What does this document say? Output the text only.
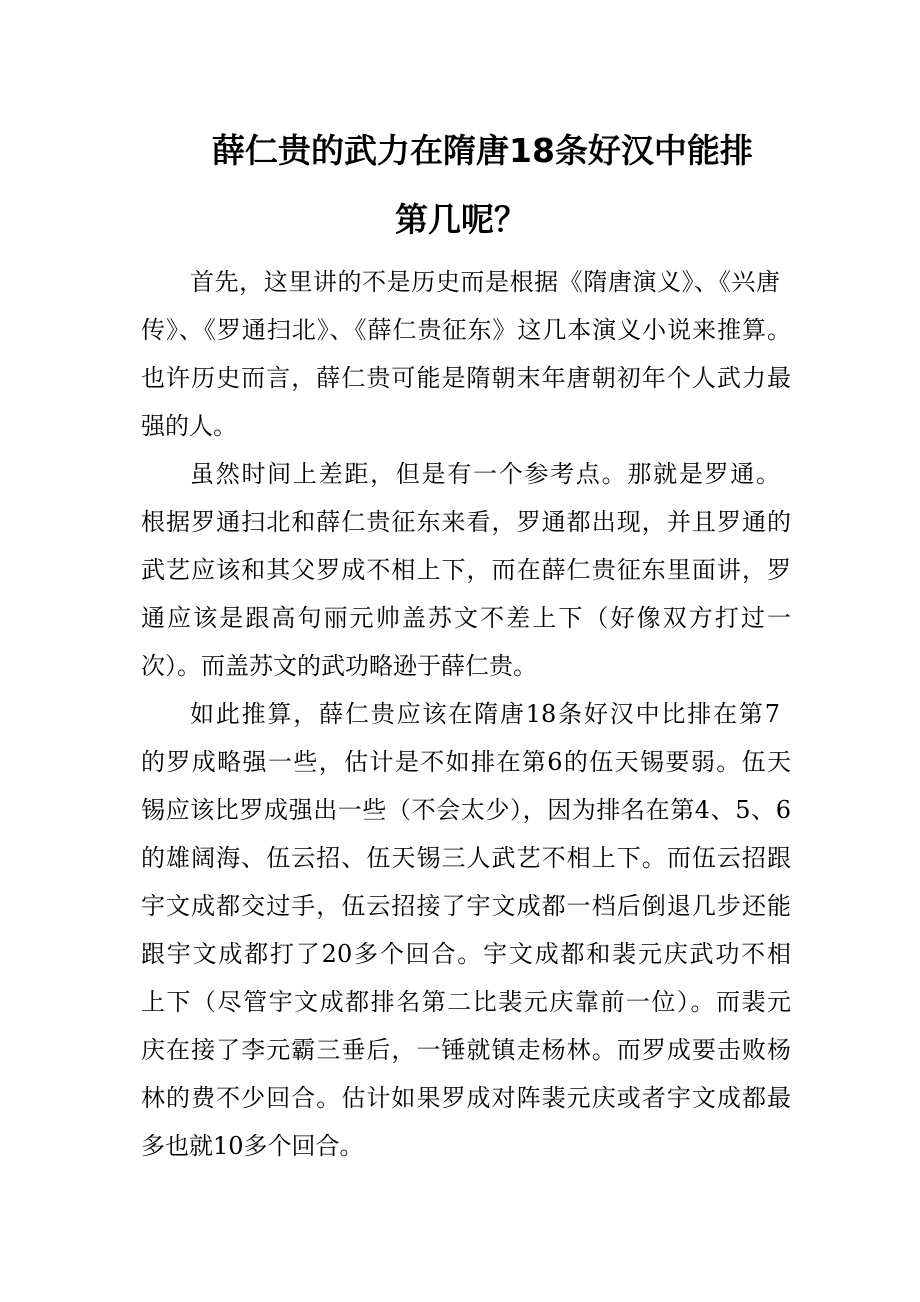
薛仁贵的武力在隋唐18条好汉中能排
第几呢？

首先，这里讲的不是历史而是根据《隋唐演义》、《兴唐

传》、《罗通扫北》、《薛仁贵征东》这几本演义小说来推算。

也许历史而言，薛仁贵可能是隋朝末年唐朝初年个人武力最

强的人。

虽然时间上差距，但是有一个参考点。那就是罗通。

根据罗通扫北和薛仁贵征东来看，罗通都出现，并且罗通的

武艺应该和其父罗成不相上下，而在薛仁贵征东里面讲，罗

通应该是跟高句丽元帅盖苏文不差上下（好像双方打过一

次）。而盖苏文的武功略逊于薛仁贵。

如此推算，薛仁贵应该在隋唐18条好汉中比排在第7

的罗成略强一些，估计是不如排在第6的伍天锡要弱。伍天

锡应该比罗成强出一些（不会太少），因为排名在第4、5、6

的雄阔海、伍云招、伍天锡三人武艺不相上下。而伍云招跟

宇文成都交过手，伍云招接了宇文成都一档后倒退几步还能

跟宇文成都打了20多个回合。宇文成都和裴元庆武功不相

上下（尽管宇文成都排名第二比裴元庆靠前一位）。而裴元

庆在接了李元霸三垂后，一锤就镇走杨林。而罗成要击败杨

林的费不少回合。估计如果罗成对阵裴元庆或者宇文成都最

多也就10多个回合。
